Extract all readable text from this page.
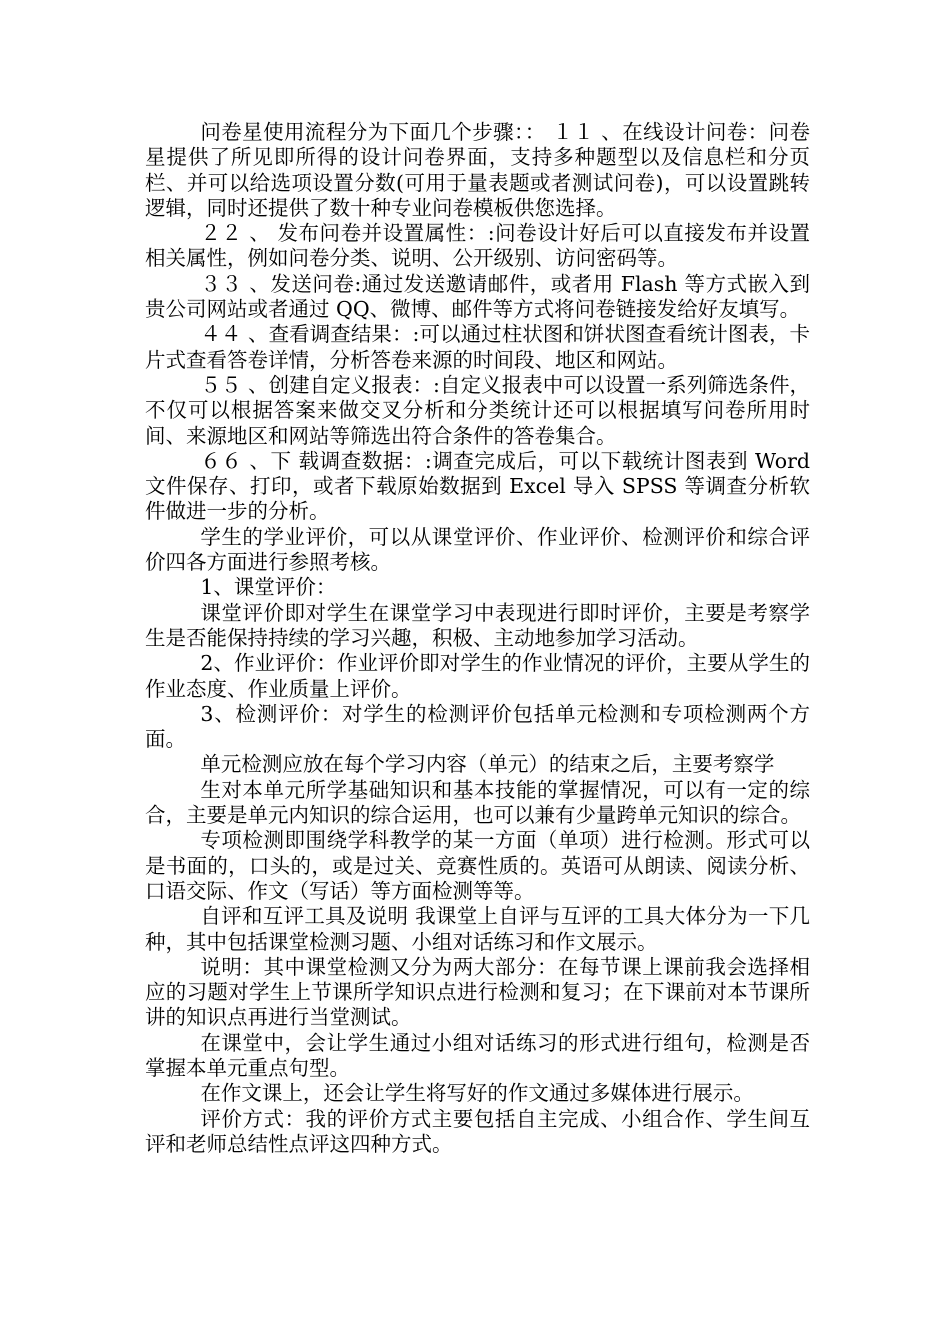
问卷星使用流程分为下面几个步骤：： １１ 、在线设计问卷：问卷星提供了所见即所得的设计问卷界面，支持多种题型以及信息栏和分页栏、并可以给选项设置分数(可用于量表题或者测试问卷)，可以设置跳转逻辑，同时还提供了数十种专业问卷模板供您选择。

２２ 、 发布问卷并设置属性：:问卷设计好后可以直接发布并设置相关属性，例如问卷分类、说明、公开级别、访问密码等。

３３ 、发送问卷:通过发送邀请邮件，或者用 Flash 等方式嵌入到贵公司网站或者通过 QQ、微博、邮件等方式将问卷链接发给好友填写。

４４ 、查看调查结果：:可以通过柱状图和饼状图查看统计图表，卡片式查看答卷详情，分析答卷来源的时间段、地区和网站。

５５ 、创建自定义报表：:自定义报表中可以设置一系列筛选条件，不仅可以根据答案来做交叉分析和分类统计还可以根据填写问卷所用时间、来源地区和网站等筛选出符合条件的答卷集合。

６６ 、下 载调查数据：:调查完成后，可以下载统计图表到 Word 文件保存、打印，或者下载原始数据到 Excel 导入 SPSS 等调查分析软件做进一步的分析。

学生的学业评价，可以从课堂评价、作业评价、检测评价和综合评价四各方面进行参照考核。

1、课堂评价：

课堂评价即对学生在课堂学习中表现进行即时评价，主要是考察学生是否能保持持续的学习兴趣，积极、主动地参加学习活动。

2、作业评价：作业评价即对学生的作业情况的评价，主要从学生的作业态度、作业质量上评价。

3、检测评价：对学生的检测评价包括单元检测和专项检测两个方面。

单元检测应放在每个学习内容（单元）的结束之后，主要考察学

生对本单元所学基础知识和基本技能的掌握情况，可以有一定的综合，主要是单元内知识的综合运用，也可以兼有少量跨单元知识的综合。

专项检测即围绕学科教学的某一方面（单项）进行检测。形式可以是书面的，口头的，或是过关、竞赛性质的。英语可从朗读、阅读分析、口语交际、作文（写话）等方面检测等等。

自评和互评工具及说明 我课堂上自评与互评的工具大体分为一下几种，其中包括课堂检测习题、小组对话练习和作文展示。

说明：其中课堂检测又分为两大部分：在每节课上课前我会选择相应的习题对学生上节课所学知识点进行检测和复习；在下课前对本节课所讲的知识点再进行当堂测试。

在课堂中，会让学生通过小组对话练习的形式进行组句，检测是否掌握本单元重点句型。

在作文课上，还会让学生将写好的作文通过多媒体进行展示。

评价方式：我的评价方式主要包括自主完成、小组合作、学生间互评和老师总结性点评这四种方式。
